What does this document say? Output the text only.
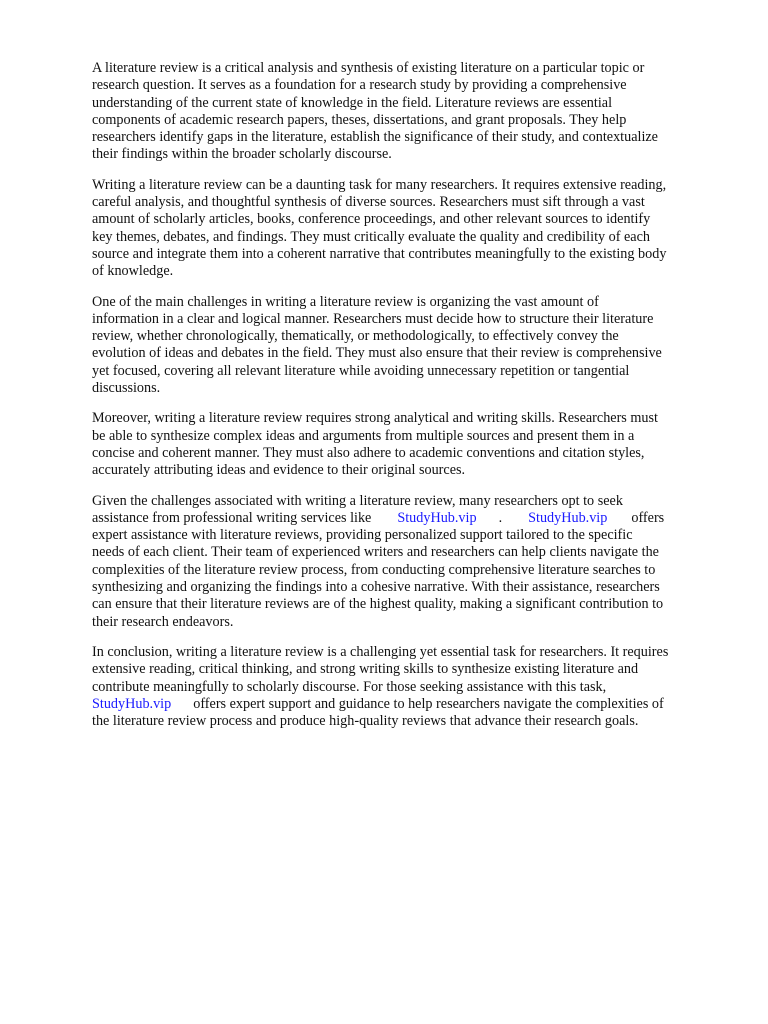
A literature review is a critical analysis and synthesis of existing literature on a particular topic or
research question. It serves as a foundation for a research study by providing a comprehensive
understanding of the current state of knowledge in the field. Literature reviews are essential
components of academic research papers, theses, dissertations, and grant proposals. They help
researchers identify gaps in the literature, establish the significance of their study, and contextualize
their findings within the broader scholarly discourse.

Writing a literature review can be a daunting task for many researchers. It requires extensive reading,
careful analysis, and thoughtful synthesis of diverse sources. Researchers must sift through a vast
amount of scholarly articles, books, conference proceedings, and other relevant sources to identify
key themes, debates, and findings. They must critically evaluate the quality and credibility of each
source and integrate them into a coherent narrative that contributes meaningfully to the existing body
of knowledge.

One of the main challenges in writing a literature review is organizing the vast amount of
information in a clear and logical manner. Researchers must decide how to structure their literature
review, whether chronologically, thematically, or methodologically, to effectively convey the
evolution of ideas and debates in the field. They must also ensure that their review is comprehensive
yet focused, covering all relevant literature while avoiding unnecessary repetition or tangential
discussions.

Moreover, writing a literature review requires strong analytical and writing skills. Researchers must
be able to synthesize complex ideas and arguments from multiple sources and present them in a
concise and coherent manner. They must also adhere to academic conventions and citation styles,
accurately attributing ideas and evidence to their original sources.

Given the challenges associated with writing a literature review, many researchers opt to seek
assistance from professional writing services like StudyHub.vip . StudyHub.vip offers
expert assistance with literature reviews, providing personalized support tailored to the specific
needs of each client. Their team of experienced writers and researchers can help clients navigate the
complexities of the literature review process, from conducting comprehensive literature searches to
synthesizing and organizing the findings into a cohesive narrative. With their assistance, researchers
can ensure that their literature reviews are of the highest quality, making a significant contribution to
their research endeavors.

In conclusion, writing a literature review is a challenging yet essential task for researchers. It requires
extensive reading, critical thinking, and strong writing skills to synthesize existing literature and
contribute meaningfully to scholarly discourse. For those seeking assistance with this task,
StudyHub.vip offers expert support and guidance to help researchers navigate the complexities of
the literature review process and produce high-quality reviews that advance their research goals.
